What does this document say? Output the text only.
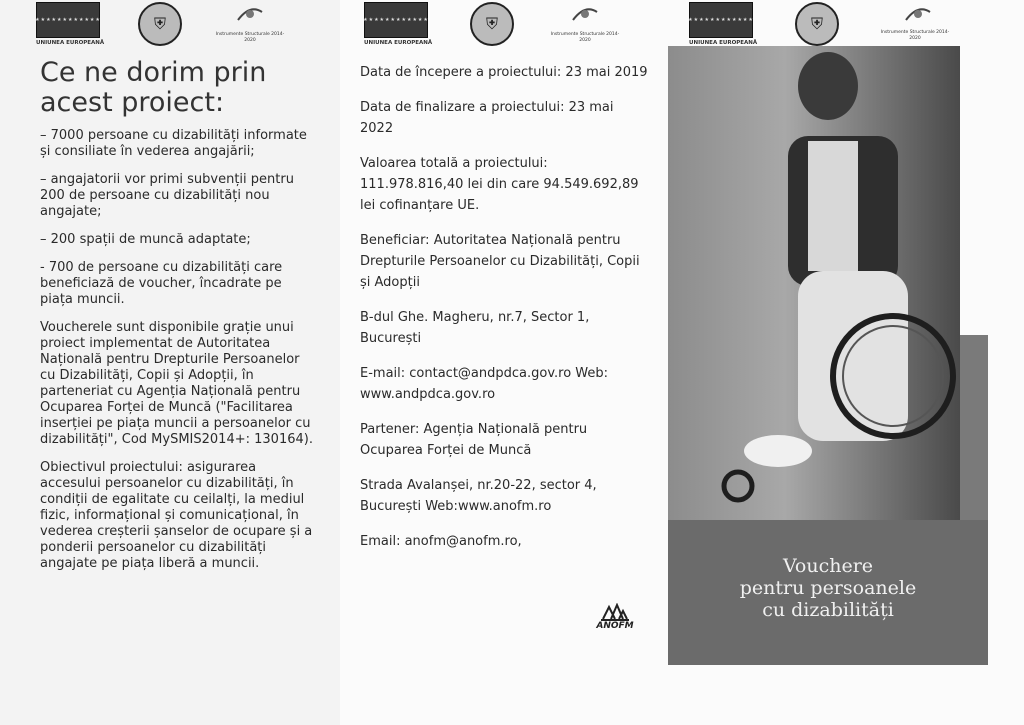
★★★★★★★★★★★★
UNIUNEA EUROPEANĂ
⛨
Instrumente Structurale 2014-2020
Ce ne dorim prin acest proiect:

– 7000 persoane cu dizabilități informate și consiliate în vederea angajării;

– angajatorii vor primi subvenții pentru 200 de persoane cu dizabilități nou angajate;

– 200 spații de muncă adaptate;

- 700 de persoane cu dizabilități care beneficiază de voucher, încadrate pe piața muncii.

Voucherele sunt disponibile grație unui proiect implementat de Autoritatea Națională pentru Drepturile Persoanelor cu Dizabilități, Copii și Adopții, în parteneriat cu Agenția Națională pentru Ocuparea Forței de Muncă ("Facilitarea inserției pe piața muncii a persoanelor cu dizabilități", Cod MySMIS2014+: 130164).

Obiectivul proiectului: asigurarea accesului persoanelor cu dizabilități, în condiții de egalitate cu ceilalți, la mediul fizic, informațional și comunicațional, în vederea creșterii șanselor de ocupare și a ponderii persoanelor cu dizabilități angajate pe piața liberă a muncii.

★★★★★★★★★★★★
UNIUNEA EUROPEANĂ
⛨
Instrumente Structurale 2014-2020

Data de începere a proiectului: 23 mai 2019

Data de finalizare a proiectului: 23 mai 2022

Valoarea totală a proiectului: 111.978.816,40 lei din care 94.549.692,89 lei cofinanțare UE.

Beneficiar: Autoritatea Națională pentru Drepturile Persoanelor cu Dizabilități, Copii și Adopții

B-dul Ghe. Magheru, nr.7, Sector 1, București

E-mail: contact@andpdca.gov.ro Web: www.andpdca.gov.ro

Partener: Agenția Națională pentru Ocuparea Forței de Muncă

Strada Avalanșei, nr.20-22, sector 4, București Web:www.anofm.ro

Email: anofm@anofm.ro,

ANOFM
★★★★★★★★★★★★
UNIUNEA EUROPEANĂ
⛨	Instrumente Structurale 2014-2020
Vouchere
pentru persoanele
cu dizabilități
